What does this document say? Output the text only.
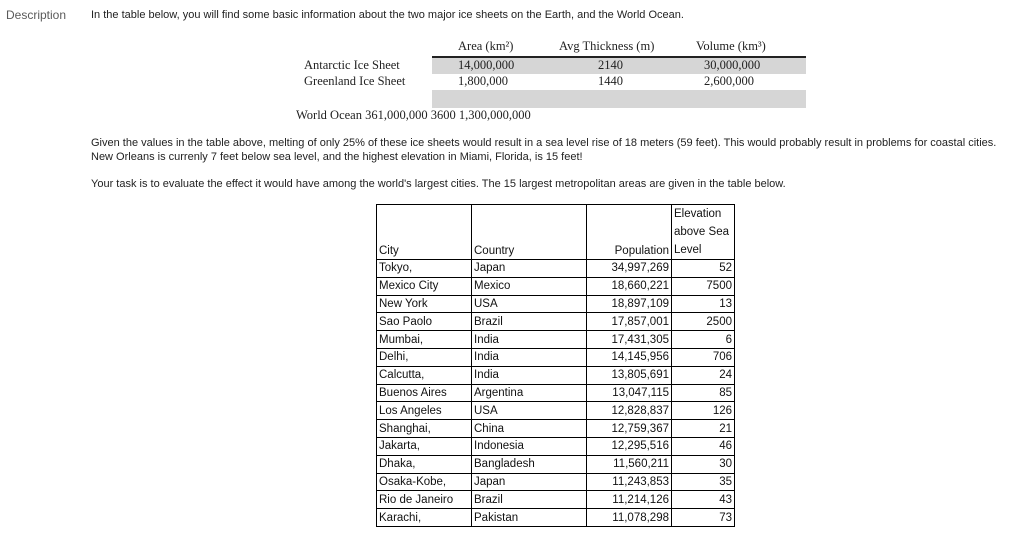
Description In the table below, you will find some basic information about the two major ice sheets on the Earth, and the World Ocean.
Area (km²)	Avg Thickness (m)	Volume (km³)
Antarctic Ice Sheet	14,000,000	2140	30,000,000
Greenland Ice Sheet	1,800,000	1440	2,600,000
World Ocean 361,000,000 3600 1,300,000,000
Given the values in the table above, melting of only 25% of these ice sheets would result in a sea level rise of 18 meters (59 feet). This would probably result in problems for coastal cities. New Orleans is currenly 7 feet below sea level, and the highest elevation in Miami, Florida, is 15 feet!
Your task is to evaluate the effect it would have among the world's largest cities. The 15 largest metropolitan areas are given in the table below.
City	Country	Population	Elevation
above Sea
Level

Tokyo,	Japan	34,997,269	52
Mexico City	Mexico	18,660,221	7500
New York	USA	18,897,109	13
Sao Paolo	Brazil	17,857,001	2500
Mumbai,	India	17,431,305	6
Delhi,	India	14,145,956	706
Calcutta,	India	13,805,691	24
Buenos Aires	Argentina	13,047,115	85
Los Angeles	USA	12,828,837	126
Shanghai,	China	12,759,367	21
Jakarta,	Indonesia	12,295,516	46
Dhaka,	Bangladesh	11,560,211	30
Osaka-Kobe,	Japan	11,243,853	35
Rio de Janeiro	Brazil	11,214,126	43
Karachi,	Pakistan	11,078,298	73
